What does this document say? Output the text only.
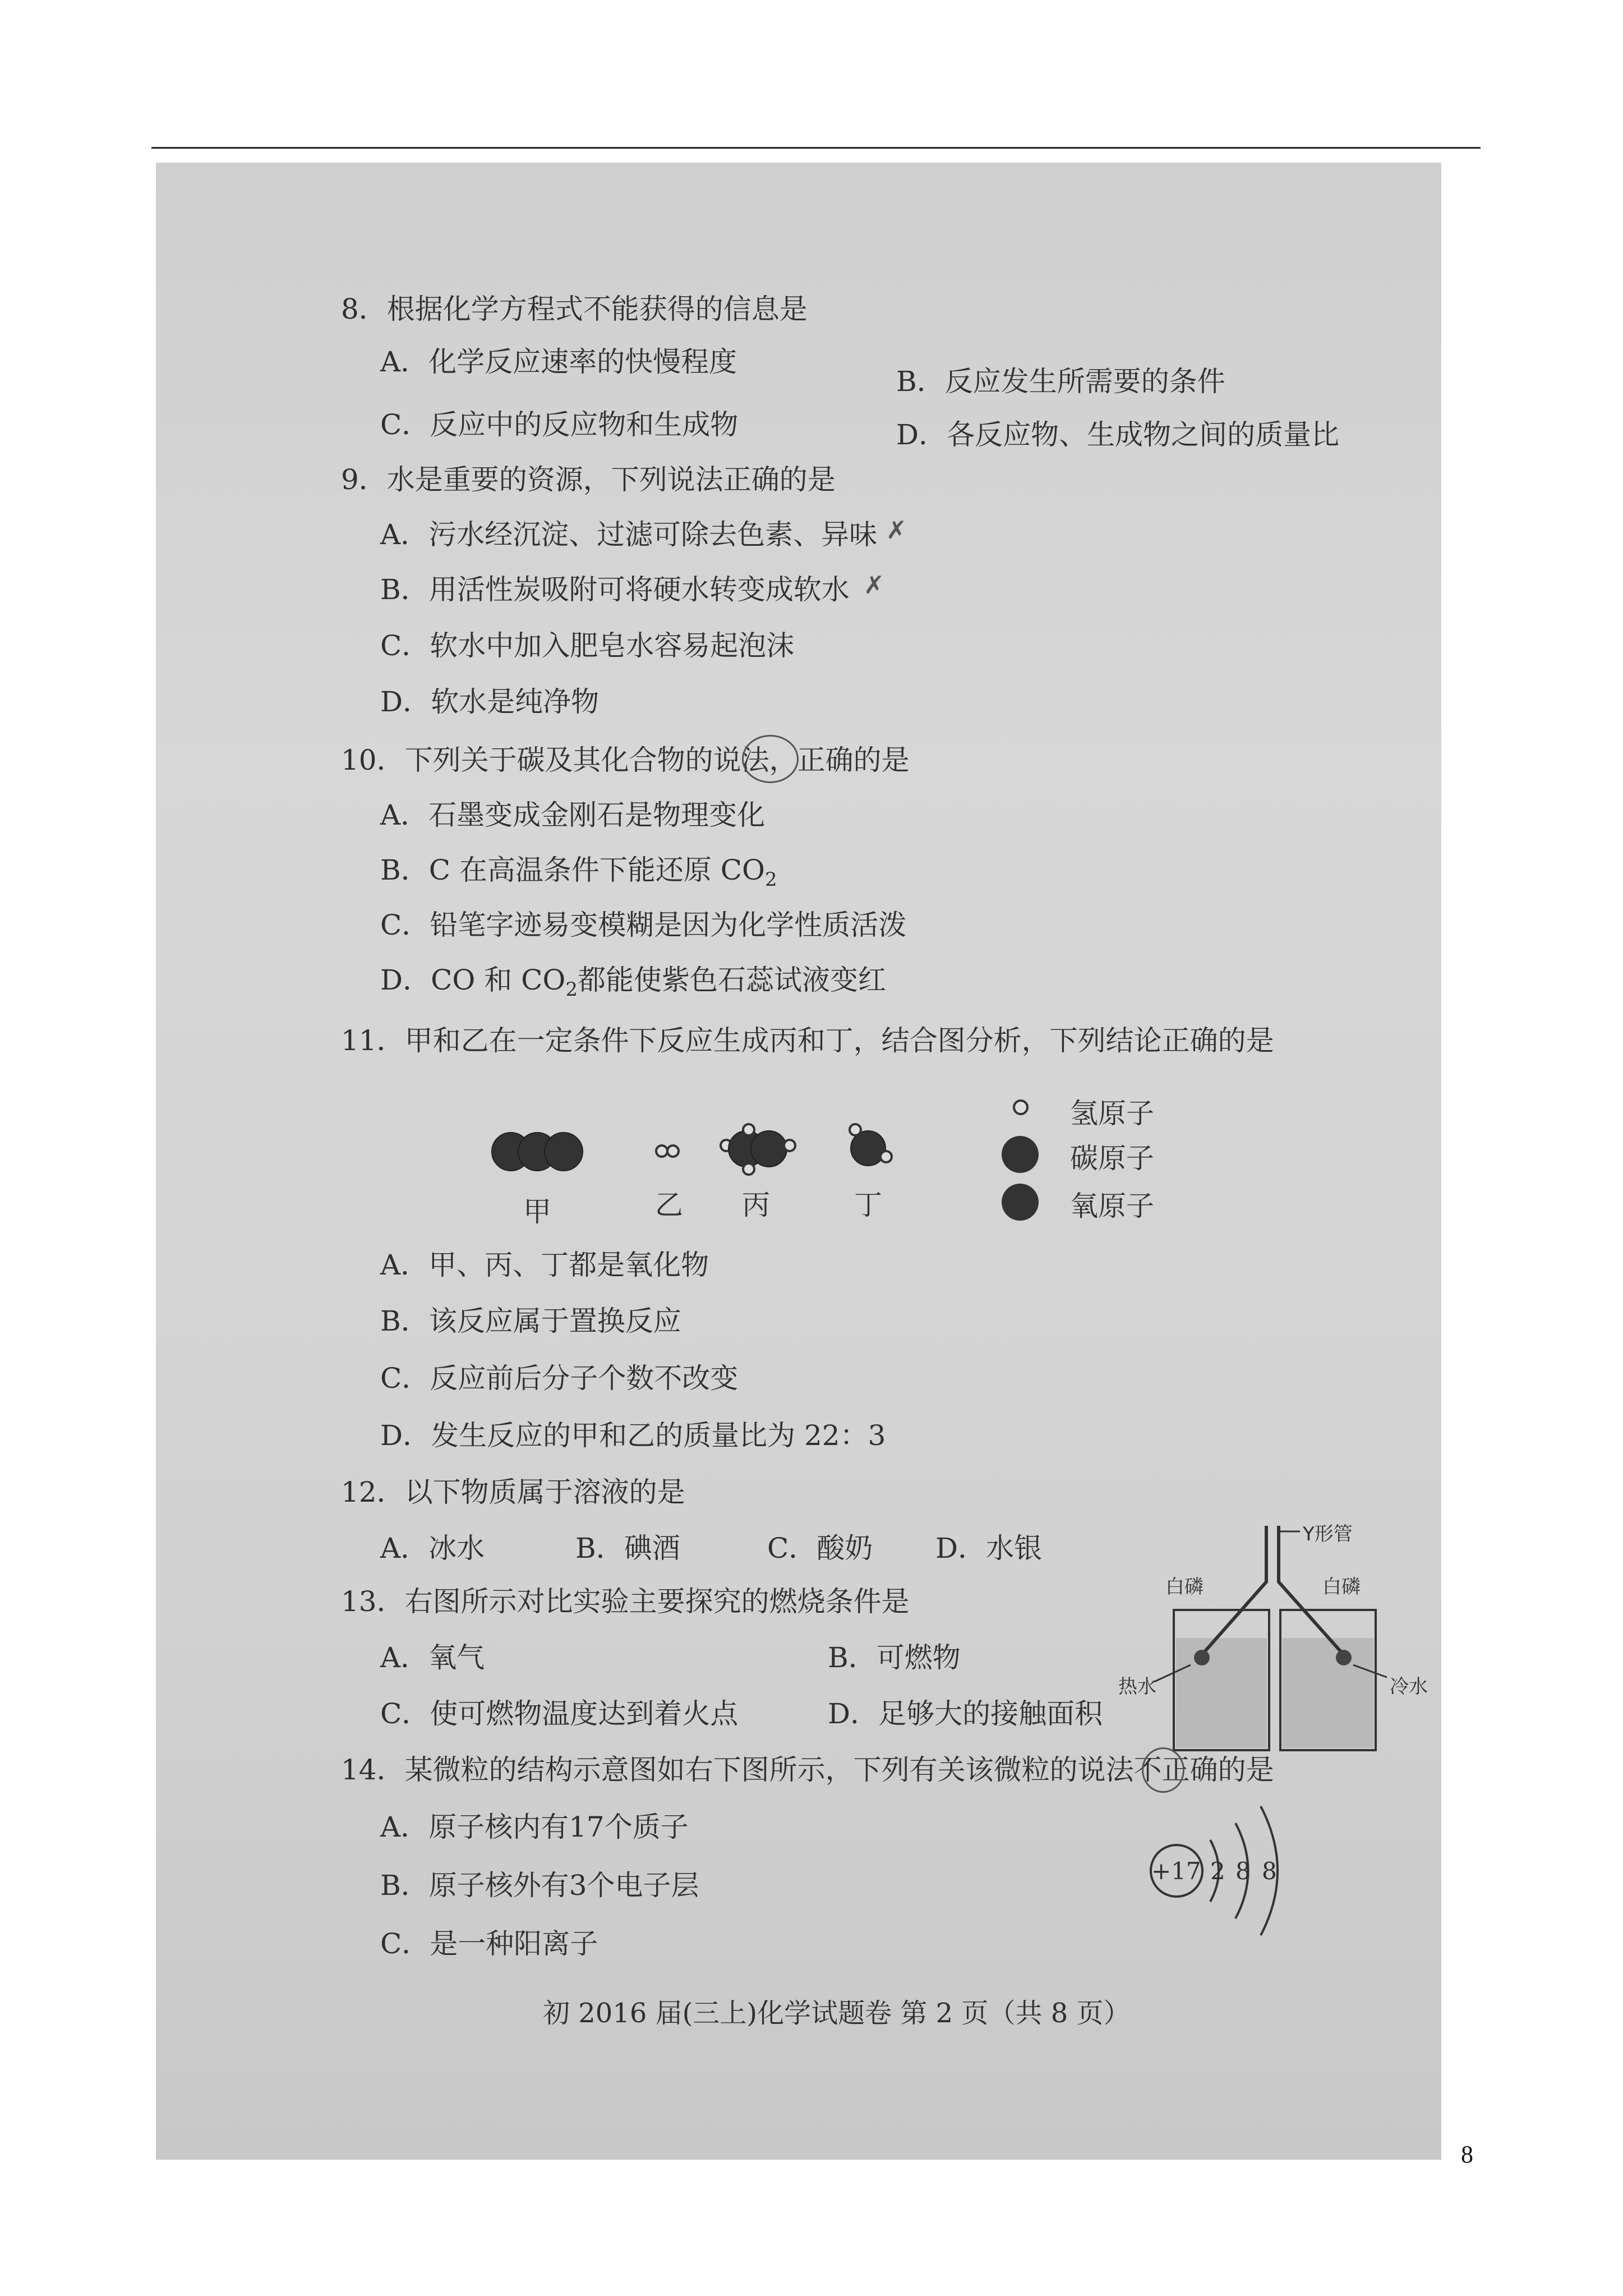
8．根据化学方程式不能获得的信息是
A．化学反应速率的快慢程度
B．反应发生所需要的条件
C．反应中的反应物和生成物	D．各反应物、生成物之间的质量比
9．水是重要的资源，下列说法正确的是
A．污水经沉淀、过滤可除去色素、异味 ✗
B．用活性炭吸附可将硬水转变成软水 ✗
C．软水中加入肥皂水容易起泡沫
D．软水是纯净物
10．下列关于碳及其化合物的说法，正确的是
A．石墨变成金刚石是物理变化
B．C 在高温条件下能还原 $CO_2$
C．铅笔字迹易变模糊是因为化学性质活泼
D．CO 和 $CO_2$都能使紫色石蕊试液变红
11．甲和乙在一定条件下反应生成丙和丁，结合图分析，下列结论正确的是
甲	乙 丙	丁
氢原子
碳原子
氧原子
A．甲、丙、丁都是氧化物
B．该反应属于置换反应
C．反应前后分子个数不改变
D．发生反应的甲和乙的质量比为 22：3
12．以下物质属于溶液的是
A．冰水	B．碘酒	C．酸奶 D．水银
13．右图所示对比实验主要探究的燃烧条件是
A．氧气	B．可燃物
C．使可燃物温度达到着火点	D．足够大的接触面积
Y形管
白磷	白磷
热水	冷水
14．某微粒的结构示意图如右下图所示，下列有关该微粒的说法不正确的是
A．原子核内有17个质子
B．原子核外有3个电子层
C．是一种阳离子
+17 2 8 8
初 2016 届(三上)化学试题卷 第 2 页（共 8 页）
8
